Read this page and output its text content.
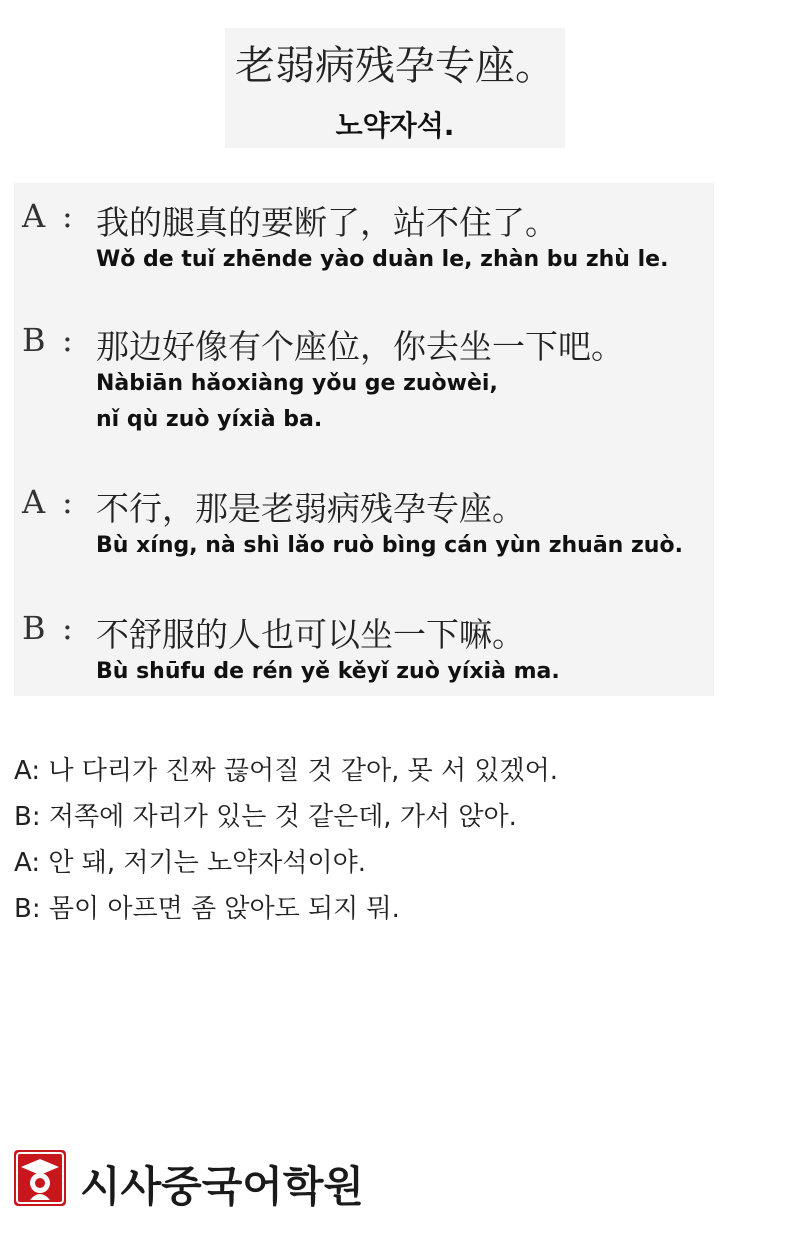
老弱病残孕专座。
노약자석.
A : 我的腿真的要断了，站不住了。
Wǒ de tuǐ zhēnde yào duàn le, zhàn bu zhù le.
B : 那边好像有个座位，你去坐一下吧。
Nàbiān hǎoxiàng yǒu ge zuòwèi,
nǐ qù zuò yíxià ba.
A : 不行，那是老弱病残孕专座。
Bù xíng, nà shì lǎo ruò bìng cán yùn zhuān zuò.
B : 不舒服的人也可以坐一下嘛。
Bù shūfu de rén yě kěyǐ zuò yíxià ma.
A: 나 다리가 진짜 끊어질 것 같아, 못 서 있겠어.
B: 저쪽에 자리가 있는 것 같은데, 가서 앉아.
A: 안 돼, 저기는 노약자석이야.
B: 몸이 아프면 좀 앉아도 되지 뭐.
시사중국어학원
